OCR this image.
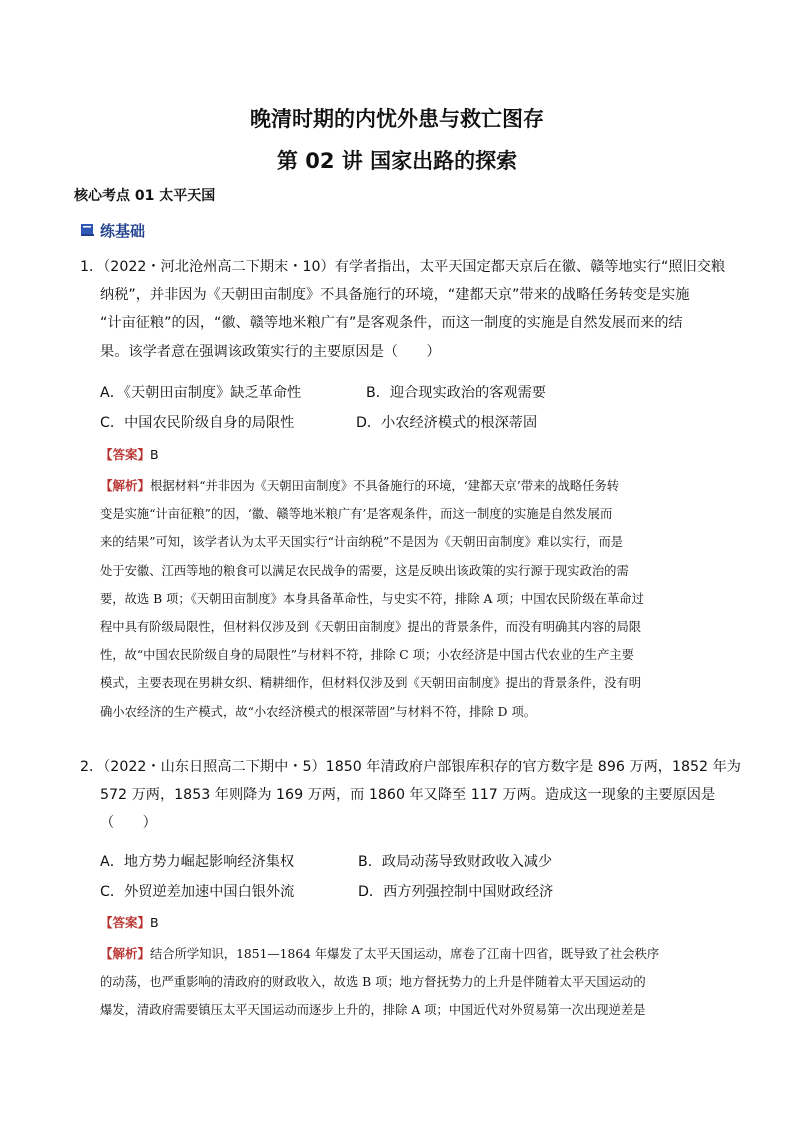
晚清时期的内忧外患与救亡图存
第 02 讲 国家出路的探索
核心考点 01 太平天国
练基础
1．（2022・河北沧州高二下期末・10）有学者指出，太平天国定都天京后在徽、赣等地实行“照旧交粮
纳税”，并非因为《天朝田亩制度》不具备施行的环境，“建都天京”带来的战略任务转变是实施
“计亩征粮”的因，“徽、赣等地米粮广有”是客观条件，而这一制度的实施是自然发展而来的结
果。该学者意在强调该政策实行的主要原因是（　　）
A．《天朝田亩制度》缺乏革命性	B．迎合现实政治的客观需要
C．中国农民阶级自身的局限性	D．小农经济模式的根深蒂固
【答案】B
【解析】根据材料“并非因为《天朝田亩制度》不具备施行的环境，‘建都天京’带来的战略任务转
变是实施“计亩征粮”的因，‘徽、赣等地米粮广有’是客观条件，而这一制度的实施是自然发展而
来的结果”可知，该学者认为太平天国实行“计亩纳税”不是因为《天朝田亩制度》难以实行，而是
处于安徽、江西等地的粮食可以满足农民战争的需要，这是反映出该政策的实行源于现实政治的需
要，故选 B 项；《天朝田亩制度》本身具备革命性，与史实不符，排除 A 项；中国农民阶级在革命过
程中具有阶级局限性，但材料仅涉及到《天朝田亩制度》提出的背景条件，而没有明确其内容的局限
性，故“中国农民阶级自身的局限性”与材料不符，排除 C 项；小农经济是中国古代农业的生产主要
模式，主要表现在男耕女织、精耕细作，但材料仅涉及到《天朝田亩制度》提出的背景条件，没有明
确小农经济的生产模式，故“小农经济模式的根深蒂固”与材料不符，排除 D 项。
2．（2022・山东日照高二下期中・5）1850 年清政府户部银库积存的官方数字是 896 万两，1852 年为
572 万两，1853 年则降为 169 万两，而 1860 年又降至 117 万两。造成这一现象的主要原因是
（　　）
A．地方势力崛起影响经济集权	B．政局动荡导致财政收入减少
C．外贸逆差加速中国白银外流	D．西方列强控制中国财政经济
【答案】B
【解析】结合所学知识，1851—1864 年爆发了太平天国运动，席卷了江南十四省，既导致了社会秩序
的动荡，也严重影响的清政府的财政收入，故选 B 项；地方督抚势力的上升是伴随着太平天国运动的
爆发，清政府需要镇压太平天国运动而逐步上升的，排除 A 项；中国近代对外贸易第一次出现逆差是
